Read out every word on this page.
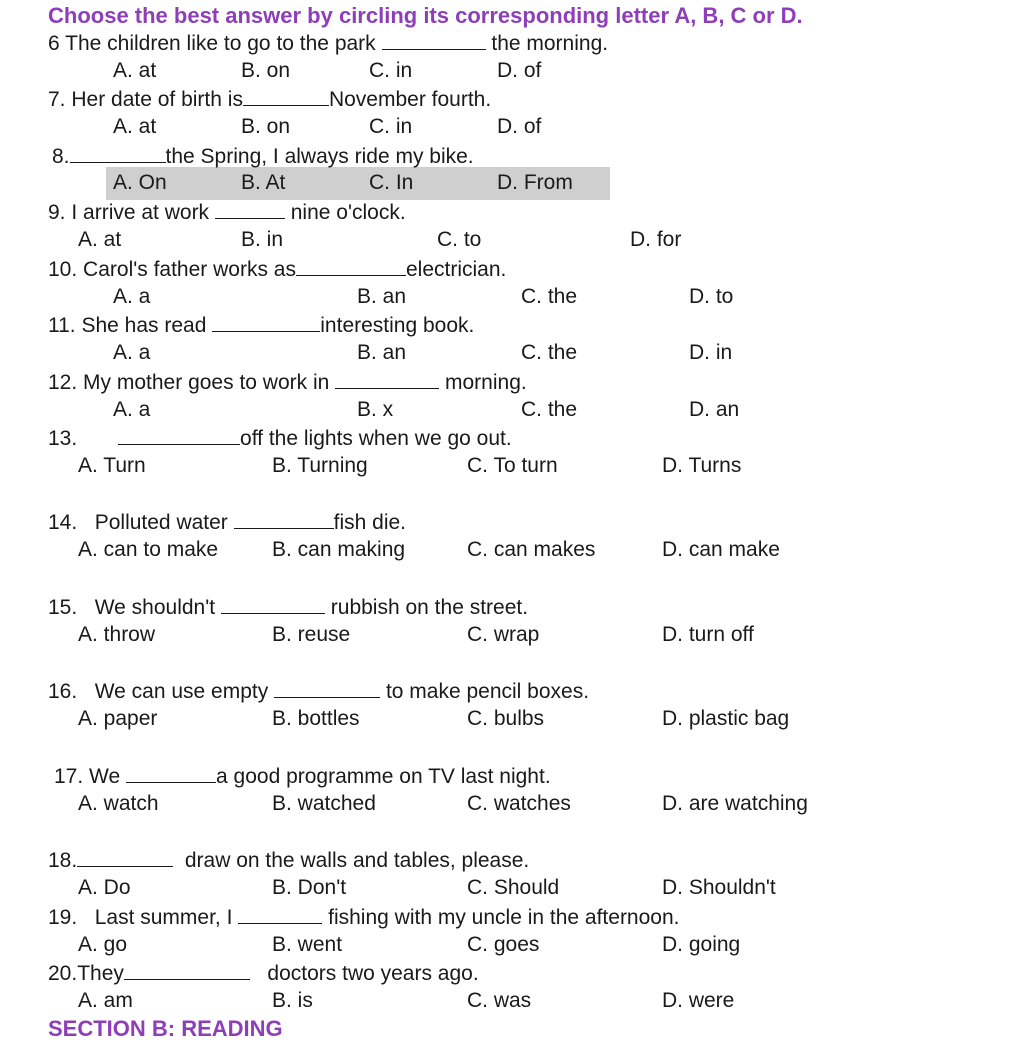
Choose the best answer by circling its corresponding letter A, B, C or D.
6 The children like to go to the park	the morning.
A. at	B. on	C. in	D. of
7. Her date of birth is	November fourth.
A. at	B. on	C. in	D. of
8.	the Spring, I always ride my bike.
A. On	B. At	C. In	D. From
9. I arrive at work	nine o'clock.
A. at	B. in	C. to	D. for
10. Carol's father works as	electrician.
A. a	B. an	C. the	D. to
11. She has read	interesting book.
A. a	B. an	C. the	D. in
12. My mother goes to work in	morning.
A. a	B. x	C. the	D. an
13.	off the lights when we go out.
A. Turn	B. Turning	C. To turn	D. Turns
14. Polluted water	fish die.
A. can to make	B. can making	C. can makes	D. can make
15. We shouldn't	rubbish on the street.
A. throw	B. reuse	C. wrap	D. turn off
16. We can use empty	to make pencil boxes.
A. paper	B. bottles	C. bulbs	D. plastic bag
17. We	a good programme on TV last night.
A. watch	B. watched	C. watches	D. are watching
18.	draw on the walls and tables, please.
A. Do	B. Don't	C. Should	D. Shouldn't
19. Last summer, I	fishing with my uncle in the afternoon.
A. go	B. went	C. goes	D. going
20.They	doctors two years ago.
A. am	B. is	C. was	D. were
SECTION B: READING
